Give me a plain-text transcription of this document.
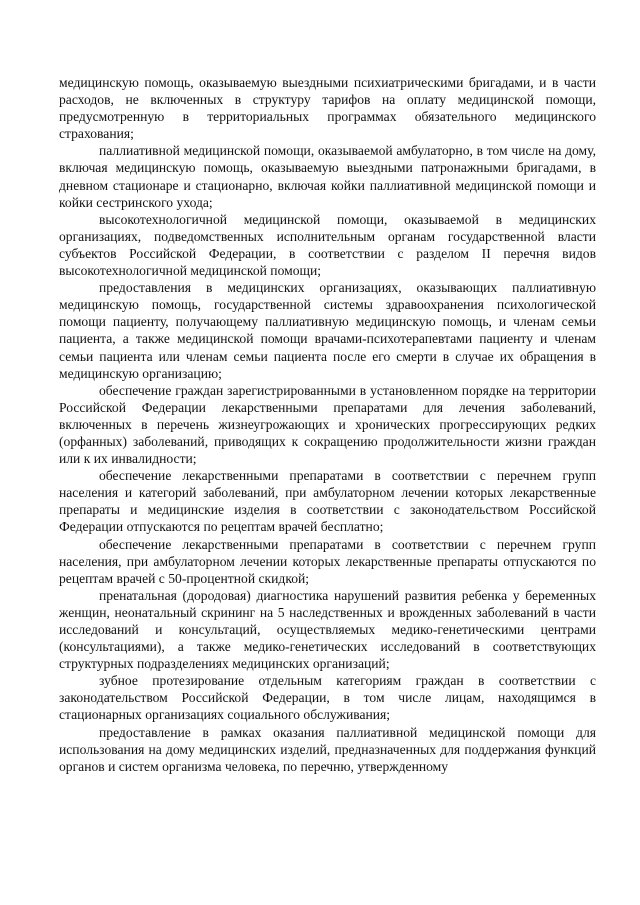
медицинскую помощь, оказываемую выездными психиатрическими бригадами, и в части расходов, не включенных в структуру тарифов на оплату медицинской помощи, предусмотренную в территориальных программах обязательного медицинского страхования;

паллиативной медицинской помощи, оказываемой амбулаторно, в том числе на дому, включая медицинскую помощь, оказываемую выездными патронажными бригадами, в дневном стационаре и стационарно, включая койки паллиативной медицинской помощи и койки сестринского ухода;

высокотехнологичной медицинской помощи, оказываемой в медицинских организациях, подведомственных исполнительным органам государственной власти субъектов Российской Федерации, в соответствии с разделом II перечня видов высокотехнологичной медицинской помощи;

предоставления в медицинских организациях, оказывающих паллиативную медицинскую помощь, государственной системы здравоохранения психологической помощи пациенту, получающему паллиативную медицинскую помощь, и членам семьи пациента, а также медицинской помощи врачами-психотерапевтами пациенту и членам семьи пациента или членам семьи пациента после его смерти в случае их обращения в медицинскую организацию;

обеспечение граждан зарегистрированными в установленном порядке на территории Российской Федерации лекарственными препаратами для лечения заболеваний, включенных в перечень жизнеугрожающих и хронических прогрессирующих редких (орфанных) заболеваний, приводящих к сокращению продолжительности жизни граждан или к их инвалидности;

обеспечение лекарственными препаратами в соответствии с перечнем групп населения и категорий заболеваний, при амбулаторном лечении которых лекарственные препараты и медицинские изделия в соответствии с законодательством Российской Федерации отпускаются по рецептам врачей бесплатно;

обеспечение лекарственными препаратами в соответствии с перечнем групп населения, при амбулаторном лечении которых лекарственные препараты отпускаются по рецептам врачей с 50-процентной скидкой;

пренатальная (дородовая) диагностика нарушений развития ребенка у беременных женщин, неонатальный скрининг на 5 наследственных и врожденных заболеваний в части исследований и консультаций, осуществляемых медико-генетическими центрами (консультациями), а также медико-генетических исследований в соответствующих структурных подразделениях медицинских организаций;

зубное протезирование отдельным категориям граждан в соответствии с законодательством Российской Федерации, в том числе лицам, находящимся в стационарных организациях социального обслуживания;

предоставление в рамках оказания паллиативной медицинской помощи для использования на дому медицинских изделий, предназначенных для поддержания функций органов и систем организма человека, по перечню, утвержденному
